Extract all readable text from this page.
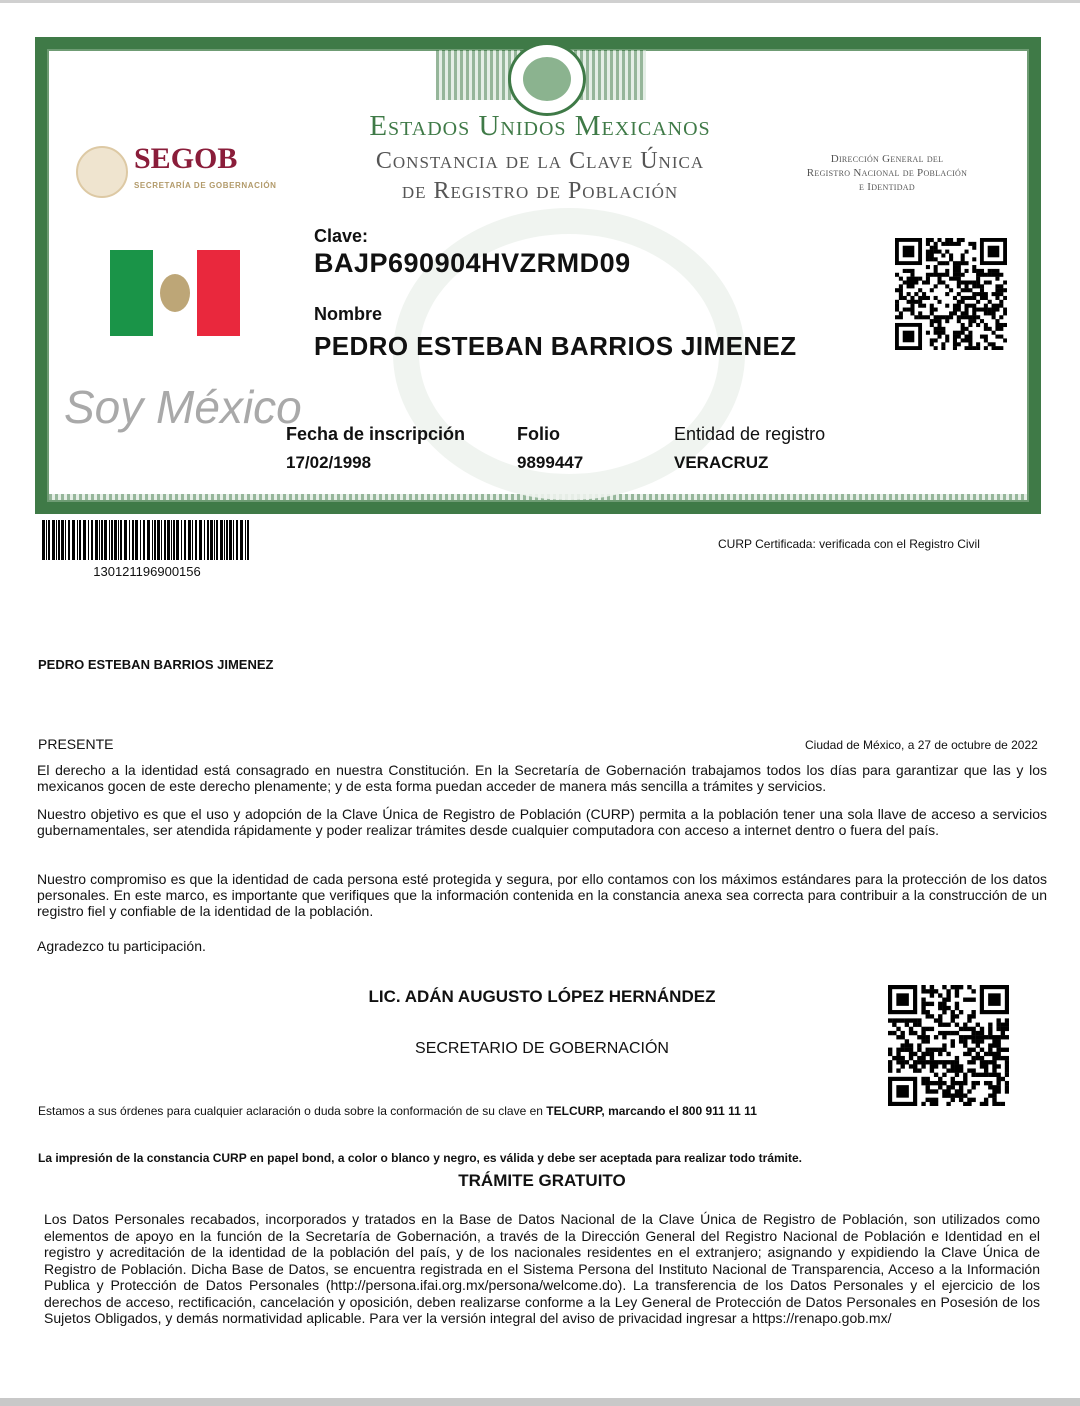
SEGOB
SECRETARÍA DE GOBERNACIÓN
Estados Unidos Mexicanos
Constancia de la Clave Única
de Registro de Población
Dirección General del
Registro Nacional de Población
e Identidad
Soy México
Clave:
BAJP690904HVZRMD09
Nombre
PEDRO ESTEBAN BARRIOS JIMENEZ
Fecha de inscripción
17/02/1998
Folio
9899447
Entidad de registro
VERACRUZ
130121196900156
CURP Certificada: verificada con el Registro Civil
PEDRO ESTEBAN BARRIOS JIMENEZ
PRESENTE	Ciudad de México, a 27 de octubre de 2022
El derecho a la identidad está consagrado en nuestra Constitución. En la Secretaría de Gobernación trabajamos todos los días para garantizar que las y los mexicanos gocen de este derecho plenamente; y de esta forma puedan acceder de manera más sencilla a trámites y servicios.
Nuestro objetivo es que el uso y adopción de la Clave Única de Registro de Población (CURP) permita a la población tener una sola llave de acceso a servicios gubernamentales, ser atendida rápidamente y poder realizar trámites desde cualquier computadora con acceso a internet dentro o fuera del país.
Nuestro compromiso es que la identidad de cada persona esté protegida y segura, por ello contamos con los máximos estándares para la protección de los datos personales. En este marco, es importante que verifiques que la información contenida en la constancia anexa sea correcta para contribuir a la construcción de un registro fiel y confiable de la identidad de la población.
Agradezco tu participación.
LIC. ADÁN AUGUSTO LÓPEZ HERNÁNDEZ
SECRETARIO DE GOBERNACIÓN
Estamos a sus órdenes para cualquier aclaración o duda sobre la conformación de su clave en TELCURP, marcando el 800 911 11 11
La impresión de la constancia CURP en papel bond, a color o blanco y negro, es válida y debe ser aceptada para realizar todo trámite.
TRÁMITE GRATUITO
Los Datos Personales recabados, incorporados y tratados en la Base de Datos Nacional de la Clave Única de Registro de Población, son utilizados como elementos de apoyo en la función de la Secretaría de Gobernación, a través de la Dirección General del Registro Nacional de Población e Identidad en el registro y acreditación de la identidad de la población del país, y de los nacionales residentes en el extranjero; asignando y expidiendo la Clave Única de Registro de Población. Dicha Base de Datos, se encuentra registrada en el Sistema Persona del Instituto Nacional de Transparencia, Acceso a la Información Publica y Protección de Datos Personales (http://persona.ifai.org.mx/persona/welcome.do). La transferencia de los Datos Personales y el ejercicio de los derechos de acceso, rectificación, cancelación y oposición, deben realizarse conforme a la Ley General de Protección de Datos Personales en Posesión de los Sujetos Obligados, y demás normatividad aplicable. Para ver la versión integral del aviso de privacidad ingresar a https://renapo.gob.mx/
